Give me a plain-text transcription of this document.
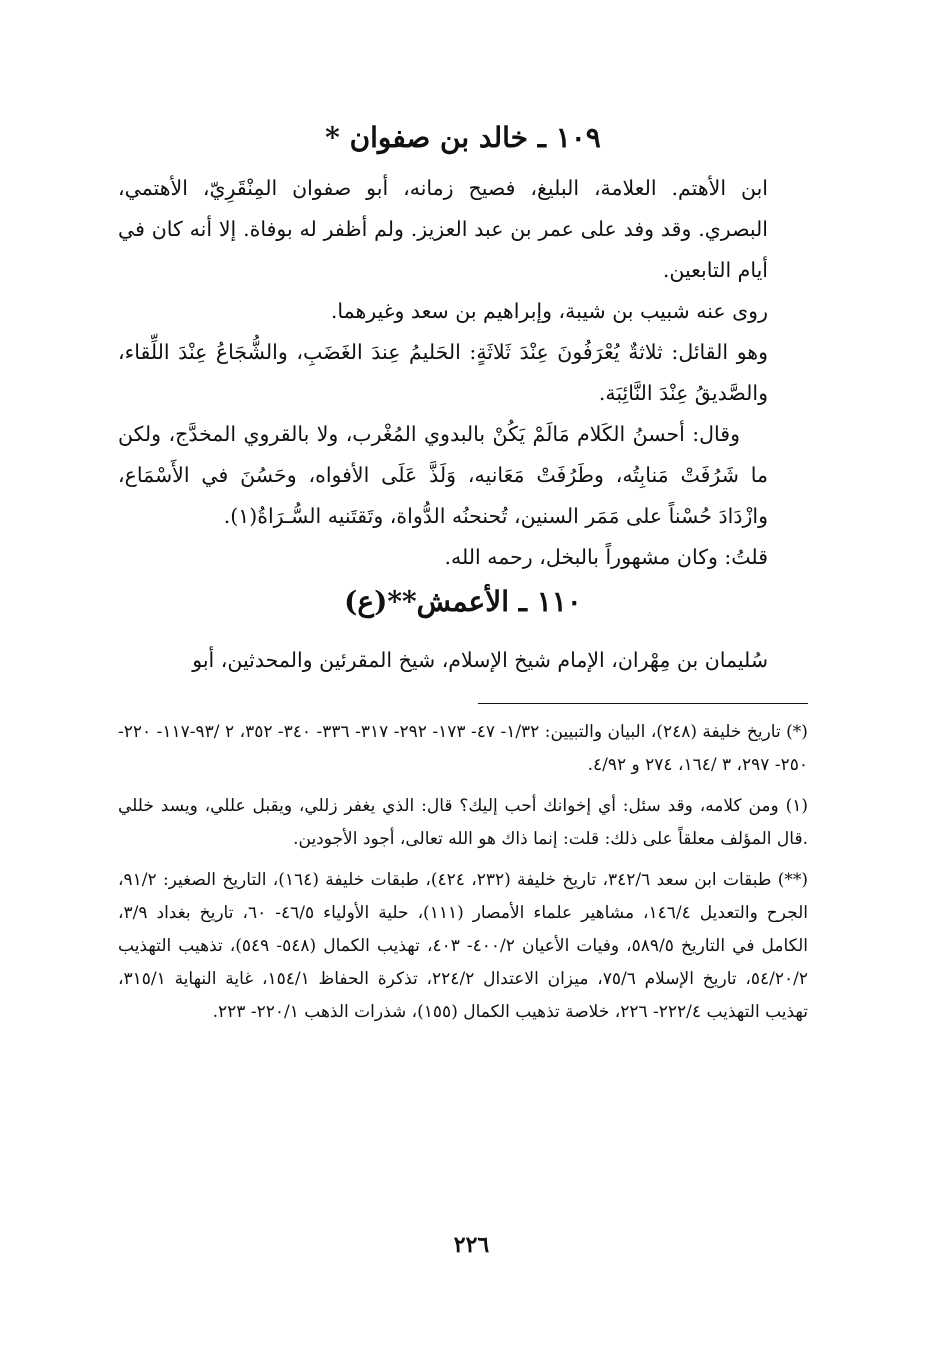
١٠٩ ـ خالد بن صفوان *

ابن الأهتم. العلامة، البليغ، فصيح زمانه، أبو صفوان المِنْقَرِيّ، الأهتمي، البصري. وقد وفد على عمر بن عبد العزيز. ولم أظفر له بوفاة. إلا أنه كان في أيام التابعين.

روى عنه شبيب بن شيبة، وإبراهيم بن سعد وغيرهما.

وهو القائل: ثلاثةٌ يُعْرَفُونَ عِنْدَ ثَلاثَةٍ: الحَليمُ عِندَ الغَضَبِ، والشُّجَاعُ عِنْدَ اللِّقاء، والصَّديقُ عِنْدَ النَّائِبَة.

وقال: أحسنُ الكَلام مَالَمْ يَكُنْ بالبدوي المُغْرب، ولا بالقروي المخدَّج، ولكن ما شَرُفَتْ مَنابِتُه، وطَرُفَتْ مَعَانيه، وَلَذَّ عَلَى الأفواه، وحَسُنَ في الأَسْمَاع، وازْدَادَ حُسْناً على مَمَر السنين، تُحنحنُه الدُّواة، وتَقتَنيه السُّـرَاةُ(١).

قلتُ: وكان مشهوراً بالبخل، رحمه الله.

١١٠ ـ الأعمش**(ع)

سُليمان بن مِهْران، الإمام شيخ الإسلام، شيخ المقرئين والمحدثين، أبو

(*) تاريخ خليفة (٢٤٨)، البيان والتبيين: ١/٣٢- ٤٧- ١٧٣- ٢٩٢- ٣١٧- ٣٣٦- ٣٤٠- ٣٥٢، ٢ /٩٣-١١٧- ٢٢٠- ٢٥٠- ٢٩٧، ٣ /١٦٤، ٢٧٤ و ٤/٩٢.

(١) ومن كلامه، وقد سئل: أي إخوانك أحب إليك؟ قال: الذي يغفر زللي، ويقبل عللي، ويسد خللي .قال المؤلف معلقاً على ذلك: قلت: إنما ذاك هو الله تعالى، أجود الأجودين.

(**) طبقات ابن سعد ٣٤٢/٦، تاريخ خليفة (٢٣٢، ٤٢٤)، طبقات خليفة (١٦٤)، التاريخ الصغير: ٩١/٢، الجرح والتعديل ١٤٦/٤، مشاهير علماء الأمصار (١١١)، حلية الأولياء ٤٦/٥- ٦٠، تاريخ بغداد ٣/٩، الكامل في التاريخ ٥٨٩/٥، وفيات الأعيان ٤٠٠/٢- ٤٠٣، تهذيب الكمال (٥٤٨- ٥٤٩)، تذهيب التهذيب ٥٤/٢٠/٢، تاريخ الإسلام ٧٥/٦، ميزان الاعتدال ٢٢٤/٢، تذكرة الحفاظ ١٥٤/١، غاية النهاية ٣١٥/١، تهذيب التهذيب ٢٢٢/٤- ٢٢٦، خلاصة تذهيب الكمال (١٥٥)، شذرات الذهب ٢٢٠/١- ٢٢٣.

٢٢٦
